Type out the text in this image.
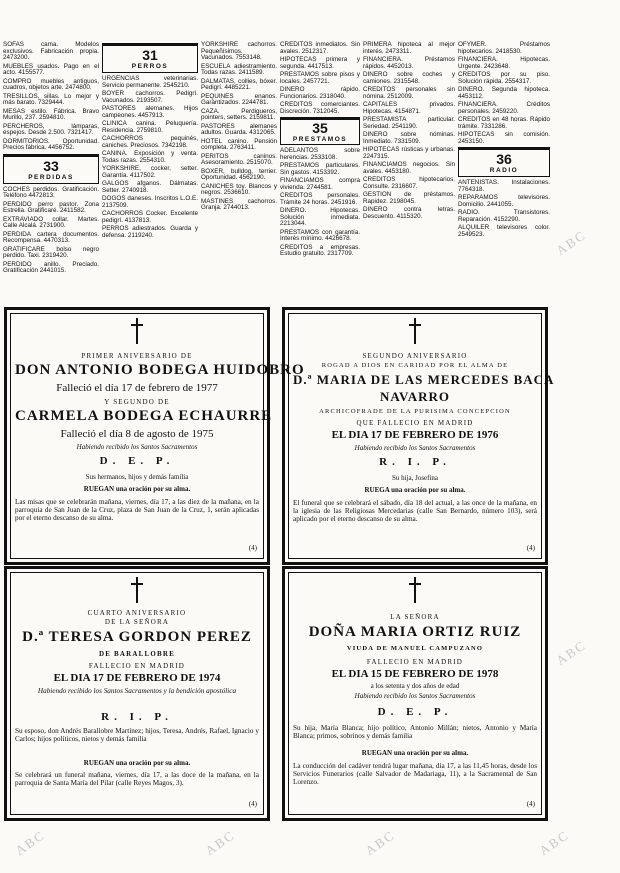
SOFAS cama. Modelos exclusivos. Fabricación propia. 2473200.

MUEBLES usados. Pago en el acto. 4155577.

COMPRO muebles antiguos, cuadros, objetos arte. 2474800.

TRESILLOS, sillas. Lo mejor y más barato. 7329444.

MESAS estilo. Fábrica. Bravo Murillo, 237. 2594810.

PERCHEROS, lámparas, espejos. Desde 2.500. 7321417.

DORMITORIOS. Oportunidad. Precios fábrica. 4456752.

33
PERDIDAS

COCHES perdidos. Gratificación. Teléfono 4472813.

PERDIDO perro pastor. Zona Estrella. Gratificaré. 2411582.

EXTRAVIADO collar. Martes. Calle Alcalá. 2731900.

PERDIDA cartera documentos. Recompensa. 4470313.

GRATIFICARE bolso negro perdido. Taxi. 2319420.

PERDIDO anillo. Preciado. Gratificación 2441015.

31
PERROS

URGENCIAS veterinarias. Servicio permanente. 2545210.

BOYER cachorros. Pedigrí. Vacunados. 2193507.

PASTORES alemanes. Hijos campeones. 4457913.

CLINICA canina. Peluquería. Residencia. 2759810.

CACHORROS pequinés, caniches. Preciosos. 7342198.

CANINA. Exposición y venta. Todas razas. 2554310.

YORKSHIRE, cocker, setter. Garantía. 4117502.

GALGOS afganos. Dálmatas. Setter. 2740918.

DOGOS daneses. Inscritos L.O.E. 2137509.

CACHORROS Cocker. Excelente pedigrí. 4137813.

PERROS adiestrados. Guarda y defensa. 2119240.

YORKSHIRE cachorros. Pequeñísimos. Vacunados. 7553148.

ESCUELA adiestramiento. Todas razas. 2411589.

DALMATAS, collies, bóxer. Pedigrí. 4485221.

PEQUINES enanos. Garantizados. 2244781.

CAZA. Perdigueros, pointers, setters. 2159811.

PASTORES alemanes adultos. Guarda. 4312065.

HOTEL canino. Pensión completa. 2763411.

PERITOS caninos. Asesoramiento. 2515070.

BOXER, bulldog, terrier. Oportunidad. 4562190.

CANICHES toy. Blancos y negros. 2536610.

MASTINES cachorros. Granja. 2744013.

CREDITOS inmediatos. Sin avales. 2512317.

HIPOTECAS primera y segunda. 4417513.

PRESTAMOS sobre pisos y locales. 2457721.

DINERO rápido. Funcionarios. 2318040.

CREDITOS comerciantes. Discreción. 7312045.

35
PRESTAMOS

ADELANTOS sobre herencias. 2533108.

PRESTAMOS particulares. Sin gastos. 4153392.

FINANCIAMOS compra vivienda. 2744581.

CREDITOS personales. Trámite 24 horas. 2451916.

DINERO. Hipotecas. Solución inmediata. 2213044.

PRESTAMOS con garantía. Interés mínimo. 4426678.

CREDITOS a empresas. Estudio gratuito. 2317709.

PRIMERA hipoteca al mejor interés. 2473311.

FINANCIERA. Préstamos rápidos. 4452013.

DINERO sobre coches y camiones. 2315548.

CREDITOS personales sin nómina. 2512009.

CAPITALES privados. Hipotecas. 4154871.

PRESTAMISTA particular. Seriedad. 2541190.

DINERO sobre nóminas. Inmediato. 7331509.

HIPOTECAS rústicas y urbanas. 2247315.

FINANCIAMOS negocios. Sin avales. 4453180.

CREDITOS hipotecarios. Consulte. 2316607.

GESTION de préstamos. Rapidez. 2198045.

DINERO contra letras. Descuento. 4115320.

OFYMER. Préstamos hipotecarios. 2418530.

FINANCIERA. Hipotecas. Urgente. 2423648.

CREDITOS por su piso. Solución rápida. 2554317.

DINERO. Segunda hipoteca. 4453112.

FINANCIERA. Créditos personales. 2459220.

CREDITOS en 48 horas. Rápido trámite. 7331286.

HIPOTECAS sin comisión. 2453150.

36
RADIO

ANTENISTAS. Instalaciones. 7764318.

REPARAMOS televisores. Domicilio. 2441055.

RADIO. Transistores. Reparación. 4152290.

ALQUILER televisores color. 2549523.

PRIMER ANIVERSARIO DE
DON ANTONIO BODEGA HUIDOBRO
Falleció el día 17 de febrero de 1977
Y SEGUNDO DE
CARMELA BODEGA ECHAURRE
Falleció el día 8 de agosto de 1975
Habiendo recibido los Santos Sacramentos
D. E. P.
Sus hermanos, hijos y demás familia
RUEGAN una oración por su alma.
Las misas que se celebrarán mañana, viernes, día 17, a las diez de la mañana, en la parroquia de San Juan de la Cruz, plaza de San Juan de la Cruz, 1, serán aplicadas por el eterno descanso de su alma.
(4)
SEGUNDO ANIVERSARIO
ROGAD A DIOS EN CARIDAD POR EL ALMA DE
D.ª MARIA DE LAS MERCEDES BACA
NAVARRO
ARCHICOFRADE DE LA PURISIMA CONCEPCION
QUE FALLECIO EN MADRID
EL DIA 17 DE FEBRERO DE 1976
Habiendo recibido los Santos Sacramentos
R. I. P.
Su hija, Josefina
RUEGA una oración por su alma.
El funeral que se celebrará el sábado, día 18 del actual, a las once de la mañana, en la iglesia de las Religiosas Mercedarias (calle San Bernardo, número 103), será aplicado por el eterno descanso de su alma.
(4)
CUARTO ANIVERSARIO
DE LA SEÑORA
D.ª TERESA GORDON PEREZ
DE BARALLOBRE
FALLECIO EN MADRID
EL DIA 17 DE FEBRERO DE 1974
Habiendo recibido los Santos Sacramentos y la bendición apostólica
R. I. P.
Su esposo, don Andrés Barallobre Martínez; hijos, Teresa, Andrés, Rafael, Ignacio y Carlos; hijos políticos, nietos y demás familia
RUEGAN una oración por su alma.
Se celebrará un funeral mañana, viernes, día 17, a las doce de la mañana, en la parroquia de Santa María del Pilar (calle Reyes Magos, 3).
(4)
LA SEÑORA
DOÑA MARIA ORTIZ RUIZ
VIUDA DE MANUEL CAMPUZANO
FALLECIO EN MADRID
EL DIA 15 DE FEBRERO DE 1978
a los setenta y dos años de edad
Habiendo recibido los Santos Sacramentos
D. E. P.
Su hija, María Blanca; hijo político, Antonio Millán; nietos, Antonio y María Blanca; primos, sobrinos y demás familia
RUEGAN una oración por su alma.
La conducción del cadáver tendrá lugar mañana, día 17, a las 11,45 horas, desde los Servicios Funerarios (calle Salvador de Madariaga, 11), a la Sacramental de San Lorenzo.
(4)
ABC	ABC	ABC	ABC
ABC
ABC
